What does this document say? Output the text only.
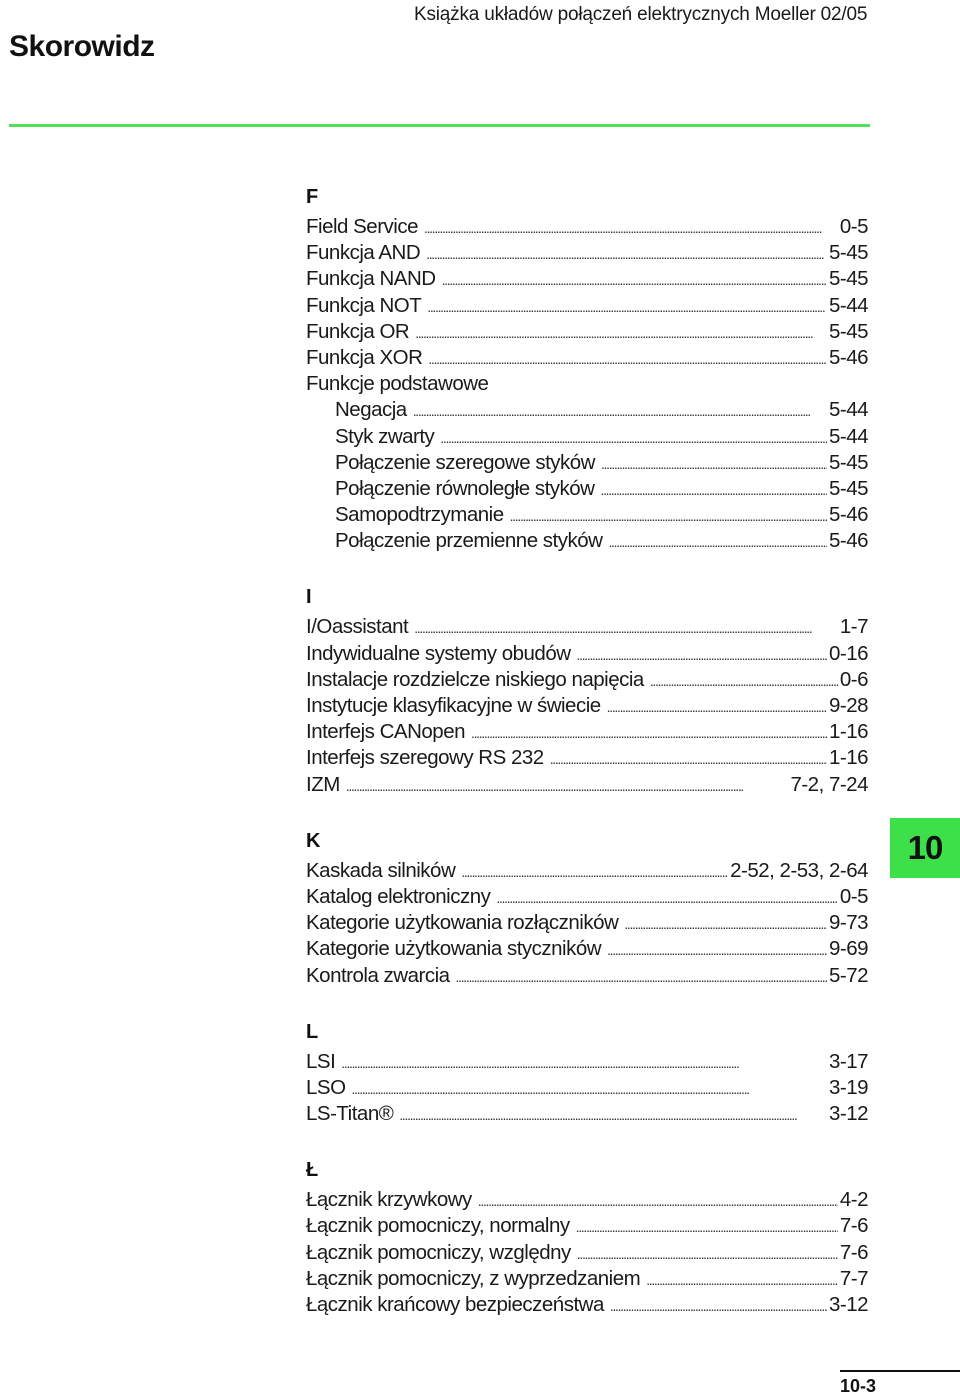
Książka układów połączeń elektrycznych Moeller 02/05
Skorowidz
F
Field Service . . .	0-5
Funkcja AND . . .	5-45
Funkcja NAND . . .	5-45
Funkcja NOT . . .	5-44
Funkcja OR . . .	5-45
Funkcja XOR . . .	5-46
Funkcje podstawowe
Negacja . . .	5-44
Styk zwarty . . .	5-44
Połączenie szeregowe styków . . .	5-45
Połączenie równoległe styków . . .	5-45
Samopodtrzymanie . . .	5-46
Połączenie przemienne styków . . .	5-46
I
I/Oassistant . . .	1-7
Indywidualne systemy obudów . . .	0-16
Instalacje rozdzielcze niskiego napięcia . . .	0-6
Instytucje klasyfikacyjne w świecie . . .	9-28
Interfejs CANopen . . .	1-16
Interfejs szeregowy RS 232 . . .	1-16
IZM . . .	7-2, 7-24
K
Kaskada silników . . .	2-52, 2-53, 2-64
Katalog elektroniczny . . .	0-5
Kategorie użytkowania rozłączników . . .	9-73
Kategorie użytkowania styczników . . .	9-69
Kontrola zwarcia . . .	5-72
L
LSI . . .	3-17
LSO . . .	3-19
LS-Titan® . . .	3-12
Ł
Łącznik krzywkowy . . .	4-2
Łącznik pomocniczy, normalny . . .	7-6
Łącznik pomocniczy, względny . . .	7-6
Łącznik pomocniczy, z wyprzedzaniem . . .	7-7
Łącznik krańcowy bezpieczeństwa . . .	3-12
10
10-3
